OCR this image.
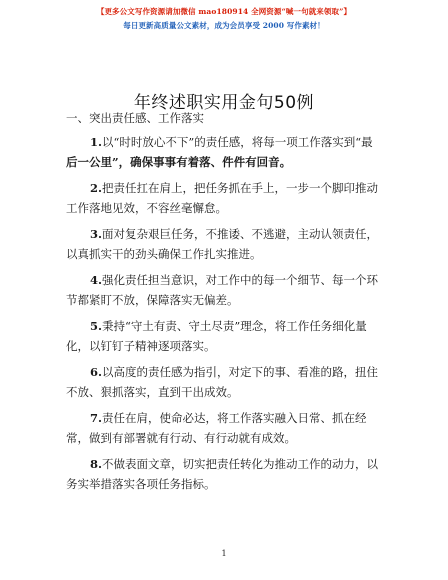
【更多公文写作资源请加微信 mao180914 全网资源“喊一句就来领取”】
每日更新高质量公文素材，成为会员享受 2000 写作素材！
年终述职实用金句50例
一、突出责任感、工作落实
1.以“时时放心不下”的责任感，将每一项工作落实到“最
后一公里”，确保事事有着落、件件有回音。
2.把责任扛在肩上，把任务抓在手上，一步一个脚印推动
工作落地见效，不容丝毫懈怠。
3.面对复杂艰巨任务，不推诿、不逃避，主动认领责任，
以真抓实干的劲头确保工作扎实推进。
4.强化责任担当意识，对工作中的每一个细节、每一个环
节都紧盯不放，保障落实无偏差。
5.秉持“守土有责、守土尽责”理念，将工作任务细化量
化，以钉钉子精神逐项落实。
6.以高度的责任感为指引，对定下的事、看准的路，扭住
不放、狠抓落实，直到干出成效。
7.责任在肩，使命必达，将工作落实融入日常、抓在经
常，做到有部署就有行动、有行动就有成效。
8.不做表面文章，切实把责任转化为推动工作的动力，以
务实举措落实各项任务指标。
1
